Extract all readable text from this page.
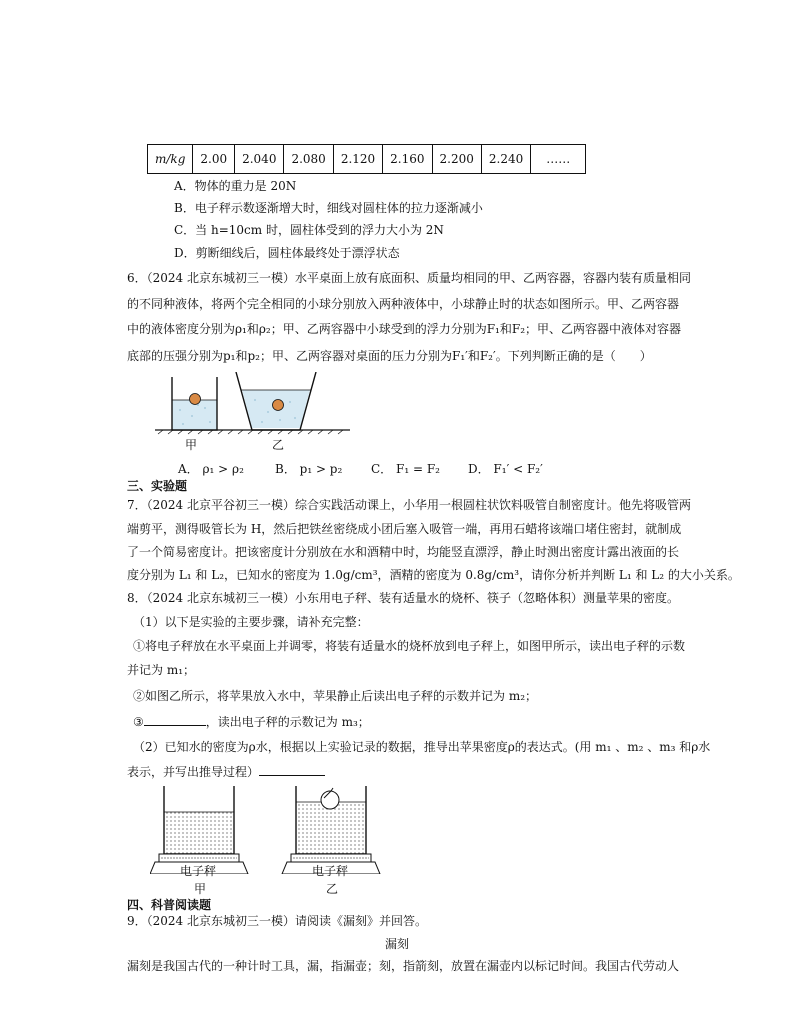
m/kg	2.00	2.040	2.080	2.120	2.160	2.200	2.240	……
A．物体的重力是 20N
B．电子秤示数逐渐增大时，细线对圆柱体的拉力逐渐减小
C．当 h=10cm 时，圆柱体受到的浮力大小为 2N
D．剪断细线后，圆柱体最终处于漂浮状态
6．（2024 北京东城初三一模）水平桌面上放有底面积、质量均相同的甲、乙两容器，容器内装有质量相同
的不同种液体，将两个完全相同的小球分别放入两种液体中，小球静止时的状态如图所示。甲、乙两容器
中的液体密度分别为ρ₁和ρ₂；甲、乙两容器中小球受到的浮力分别为F₁和F₂；甲、乙两容器中液体对容器
底部的压强分别为p₁和p₂；甲、乙两容器对桌面的压力分别为F₁′和F₂′。下列判断正确的是（　　）
甲	乙
A． ρ₁ > ρ₂	B． p₁ > p₂ C． F₁ = F₂ D． F₁′ < F₂′
三、实验题
7．（2024 北京平谷初三一模）综合实践活动课上，小华用一根圆柱状饮料吸管自制密度计。他先将吸管两
端剪平，测得吸管长为 H，然后把铁丝密绕成小团后塞入吸管一端，再用石蜡将该端口堵住密封，就制成
了一个简易密度计。把该密度计分别放在水和酒精中时，均能竖直漂浮，静止时测出密度计露出液面的长
度分别为 L₁ 和 L₂，已知水的密度为 1.0g/cm³，酒精的密度为 0.8g/cm³，请你分析并判断 L₁ 和 L₂ 的大小关系。
8．（2024 北京东城初三一模）小东用电子秤、装有适量水的烧杯、筷子（忽略体积）测量苹果的密度。
（1）以下是实验的主要步骤，请补充完整：
①将电子秤放在水平桌面上并调零，将装有适量水的烧杯放到电子秤上，如图甲所示，读出电子秤的示数
并记为 m₁；
②如图乙所示，将苹果放入水中，苹果静止后读出电子秤的示数并记为 m₂；
③	，读出电子秤的示数记为 m₃；
（2）已知水的密度为ρ水，根据以上实验记录的数据，推导出苹果密度ρ的表达式。(用 m₁ 、m₂ 、m₃ 和ρ水
表示，并写出推导过程）
电子秤	电子秤
甲	乙
四、科普阅读题
9．（2024 北京东城初三一模）请阅读《漏刻》并回答。
漏刻
漏刻是我国古代的一种计时工具，漏，指漏壶；刻，指箭刻，放置在漏壶内以标记时间。我国古代劳动人
